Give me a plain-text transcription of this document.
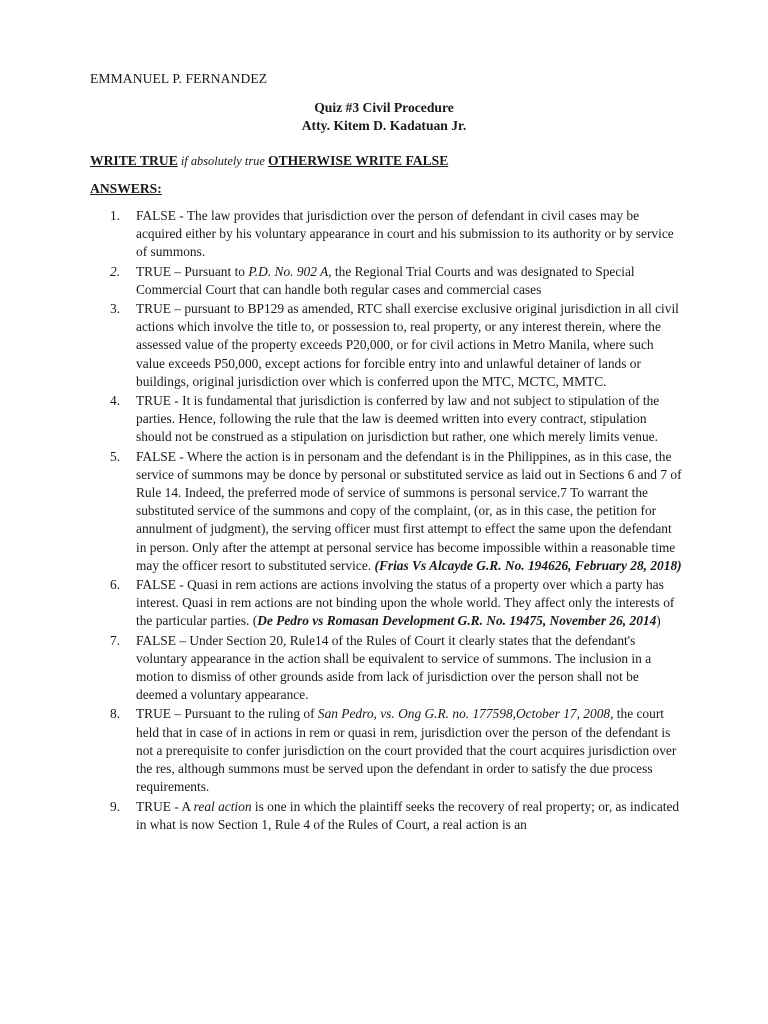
EMMANUEL P. FERNANDEZ
Quiz #3 Civil Procedure
Atty. Kitem D. Kadatuan Jr.
WRITE TRUE if absolutely true OTHERWISE WRITE FALSE
ANSWERS:
1. FALSE - The law provides that jurisdiction over the person of defendant in civil cases may be acquired either by his voluntary appearance in court and his submission to its authority or by service of summons.
2. TRUE – Pursuant to P.D. No. 902 A, the Regional Trial Courts and was designated to Special Commercial Court that can handle both regular cases and commercial cases
3. TRUE – pursuant to BP129 as amended, RTC shall exercise exclusive original jurisdiction in all civil actions which involve the title to, or possession to, real property, or any interest therein, where the assessed value of the property exceeds P20,000, or for civil actions in Metro Manila, where such value exceeds P50,000, except actions for forcible entry into and unlawful detainer of lands or buildings, original jurisdiction over which is conferred upon the MTC, MCTC, MMTC.
4. TRUE - It is fundamental that jurisdiction is conferred by law and not subject to stipulation of the parties. Hence, following the rule that the law is deemed written into every contract, stipulation should not be construed as a stipulation on jurisdiction but rather, one which merely limits venue.
5. FALSE - Where the action is in personam and the defendant is in the Philippines, as in this case, the service of summons may be donce by personal or substituted service as laid out in Sections 6 and 7 of Rule 14. Indeed, the preferred mode of service of summons is personal service.7 To warrant the substituted service of the summons and copy of the complaint, (or, as in this case, the petition for annulment of judgment), the serving officer must first attempt to effect the same upon the defendant in person. Only after the attempt at personal service has become impossible within a reasonable time may the officer resort to substituted service. (Frias Vs Alcayde G.R. No. 194626, February 28, 2018)
6. FALSE - Quasi in rem actions are actions involving the status of a property over which a party has interest. Quasi in rem actions are not binding upon the whole world. They affect only the interests of the particular parties. (De Pedro vs Romasan Development G.R. No. 19475, November 26, 2014)
7. FALSE – Under Section 20, Rule14 of the Rules of Court it clearly states that the defendant's voluntary appearance in the action shall be equivalent to service of summons. The inclusion in a motion to dismiss of other grounds aside from lack of jurisdiction over the person shall not be deemed a voluntary appearance.
8. TRUE – Pursuant to the ruling of San Pedro, vs. Ong G.R. no. 177598,October 17, 2008, the court held that in case of in actions in rem or quasi in rem, jurisdiction over the person of the defendant is not a prerequisite to confer jurisdiction on the court provided that the court acquires jurisdiction over the res, although summons must be served upon the defendant in order to satisfy the due process requirements.
9. TRUE - A real action is one in which the plaintiff seeks the recovery of real property; or, as indicated in what is now Section 1, Rule 4 of the Rules of Court, a real action is an
